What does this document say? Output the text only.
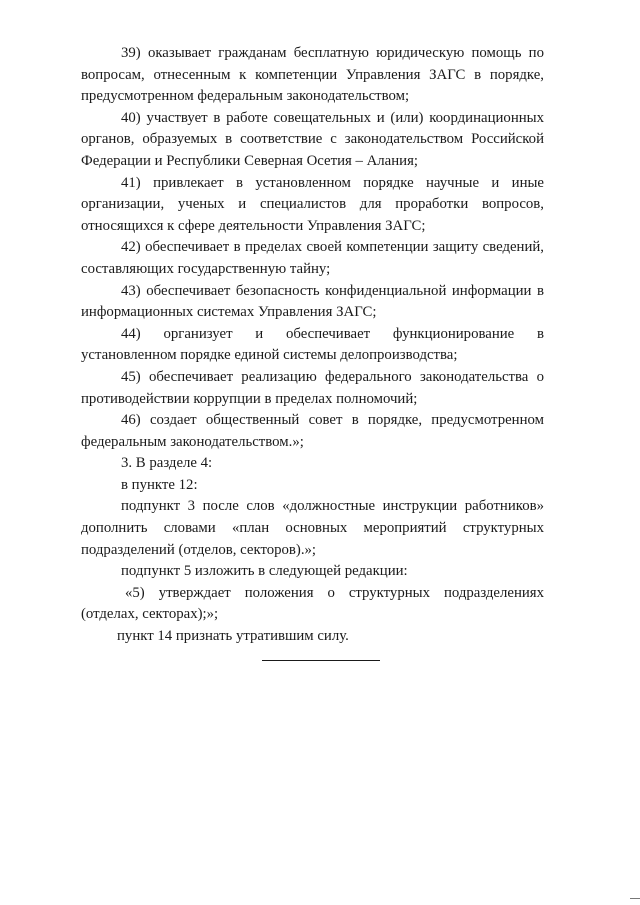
39) оказывает гражданам бесплатную юридическую помощь по вопросам, отнесенным к компетенции Управления ЗАГС в порядке, предусмотренном федеральным законодательством;

40) участвует в работе совещательных и (или) координационных органов, образуемых в соответствие с законодательством Российской Федерации и Республики Северная Осетия – Алания;

41) привлекает в установленном порядке научные и иные организации, ученых и специалистов для проработки вопросов, относящихся к сфере деятельности Управления ЗАГС;

42) обеспечивает в пределах своей компетенции защиту сведений, составляющих государственную тайну;

43) обеспечивает безопасность конфиденциальной информации в информационных системах Управления ЗАГС;

44) организует и обеспечивает функционирование в установленном порядке единой системы делопроизводства;

45) обеспечивает реализацию федерального законодательства о противодействии коррупции в пределах полномочий;

46) создает общественный совет в порядке, предусмотренном федеральным законодательством.»;

3. В разделе 4:

в пункте 12:

подпункт 3 после слов «должностные инструкции работников» дополнить словами «план основных мероприятий структурных подразделений (отделов, секторов).»;

подпункт 5 изложить в следующей редакции:

«5) утверждает положения о структурных подразделениях (отделах, секторах);»;

пункт 14 признать утратившим силу.
